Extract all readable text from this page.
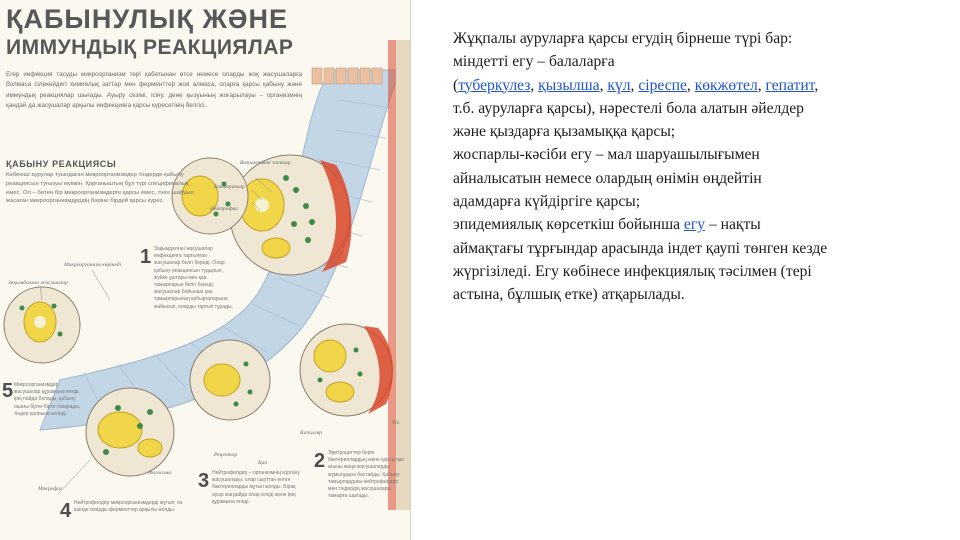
ҚАБЫНУЛЫҚ ЖӘНЕ
ИММУНДЫҚ РЕАКЦИЯЛАР

Егер инфекция тасуды микроорганизм тері қабатынан өтсе немесе оларды жоқ жасушаларға болмаса сілекейдегі химиялық заттар мен ферменттер жоя алмаса, оларға қарсы қабыну және иммундық реакциялар шығады. Ауыру сезімі, ісіну, дене қызуының жоғарылауы – организмнің қандай да жасушалар арқылы инфекцияға қарсы күресетінің белгісі.

ҚАБЫНУ РЕАКЦИЯСЫ

Көбеюші аурулар туындаған микроорганизмдер тіндерде қабыну реакциясын туғызуы мүмкін. Қорғаныштың бұл түрі спецификалық емес. Ол – бөтен бір микроорганизмдерге қарсы емес, тінге шабуыл жасаған микроорганизмдердің бәріне бірдей қарсы күрес.

1 Зақымдалған жасушалар инфекцияға тартылған жасушалар белгі береді. Олар қабыну реакциясын тудырып, жүйке ұштары мен қан тамырларын белгі береді, жасушалар бойынша қан тамырларының қабырғаларына жабысып, оларды тартып тұрады.
2 Эритроциттер беріп бактериялардың өзіне қарсы қан ағыны жаңа жасушаларды жұмылдыра бастайды. Қабыну тамырлардағы нейтрофилдер мен тіндердің жасушалары тамырға шығады.
3 Нейтрофилдер – организмнің қорғану жасушалары, олар сырттан енген бактерияларды жұтып жояды. Бірақ ауыр жағдайда олар өледі және ірің құрамына енеді.
4 Нейтрофилдер микроорганизмдерді жұтып, өз ішінде оларды ферменттер арқылы жояды.
5 Микроорганизмдер жасушалар құрамына енеді, ірің пайда болады, қабыну ошағы бірте-бірте тазарады, тіндер қалпына келеді.
Вазоактивті заттар
Бактериялар
Нейтрофил
Микроорганизм көрінеді
Зақымдалған жасушалар
Макрофаг
Фагосома
Тін
Рецептор
Капилляр
Қан
Жұқпалы ауруларға қарсы егудің бірнеше түрі бар:
міндетті егу – балаларға
(туберкулез, қызылша, күл, сіреспе, көкжөтел, гепатит,
т.б. ауруларға қарсы), нәрестелі бола алатын әйелдер
және қыздарға қызамыққа қарсы;
жоспарлы-кәсіби егу – мал шаруашылығымен
айналысатын немесе олардың өнімін өңдейтін
адамдарға күйдіргіге қарсы;
эпидемиялық көрсеткіш бойынша егу – нақты
аймақтағы тұрғындар арасында індет қаупі төнген кезде
жүргізіледі. Егу көбінесе инфекциялық тәсілмен (тері
астына, бұлшық етке) атқарылады.
